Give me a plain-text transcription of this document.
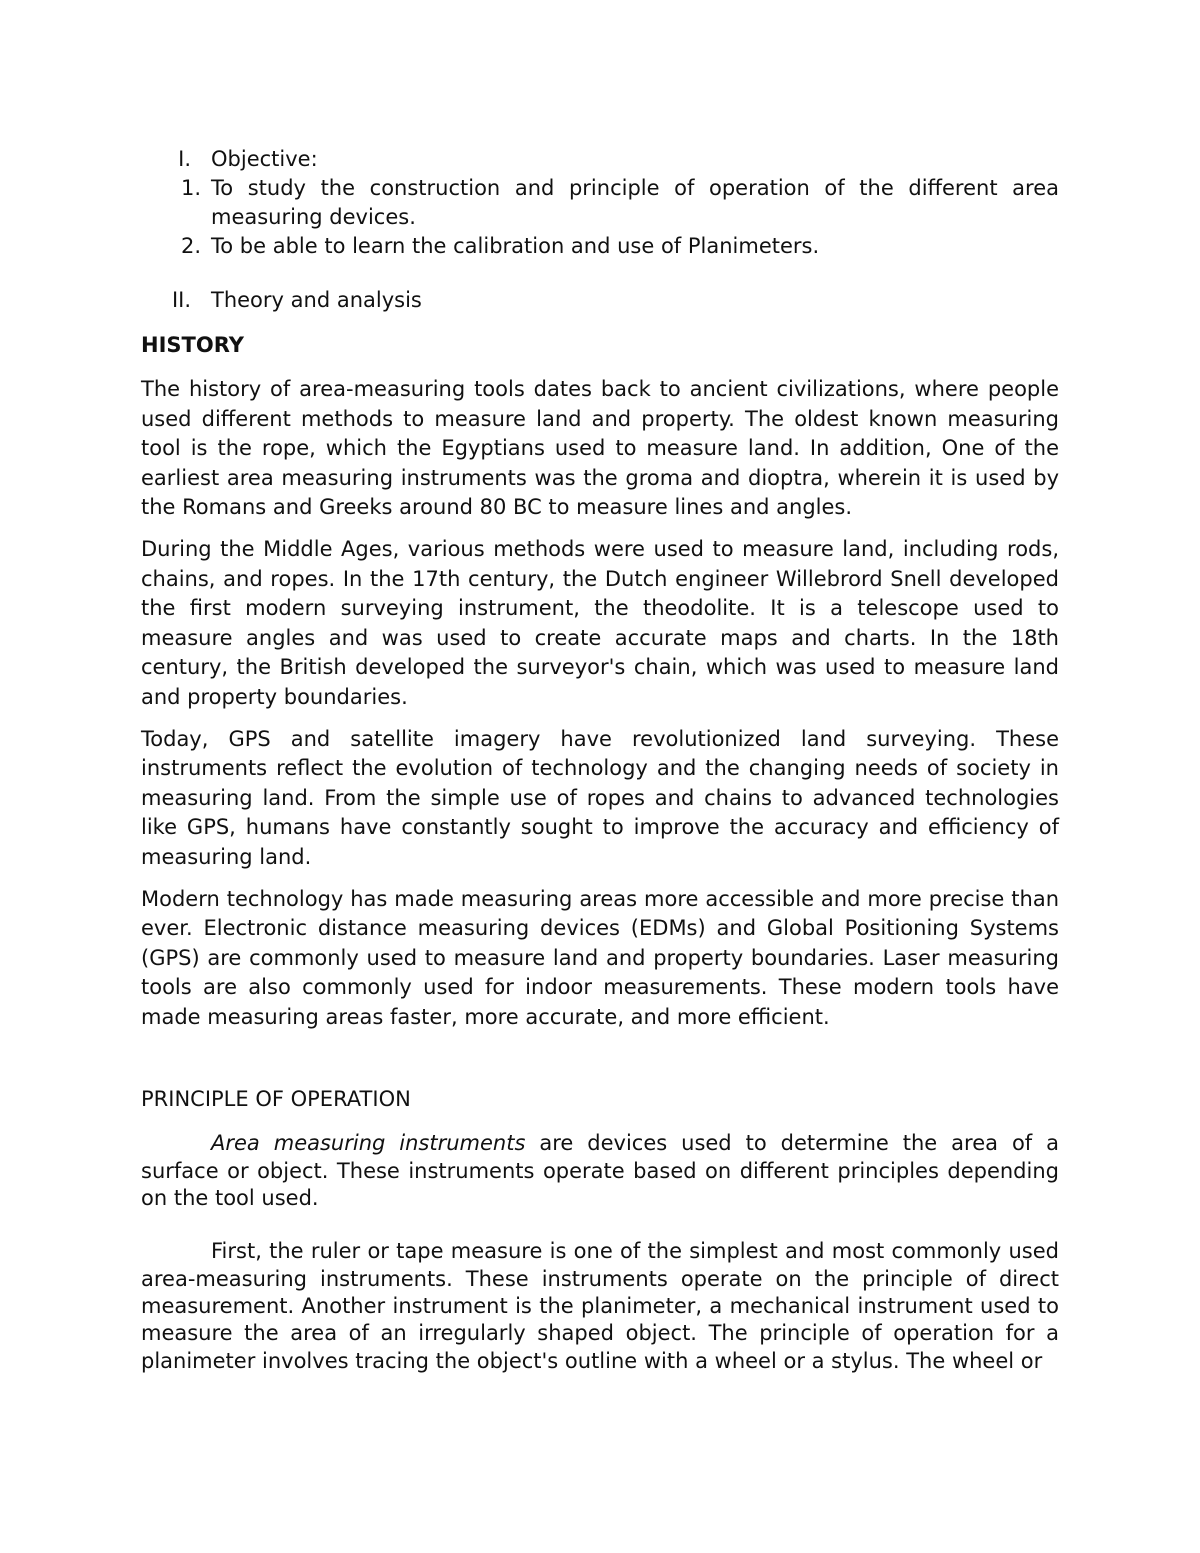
I. Objective:
1. To study the construction and principle of operation of the different area measuring devices.
2. To be able to learn the calibration and use of Planimeters.
II. Theory and analysis
HISTORY

The history of area-measuring tools dates back to ancient civilizations, where people used different methods to measure land and property. The oldest known measuring tool is the rope, which the Egyptians used to measure land. In addition, One of the earliest area measuring instruments was the groma and dioptra, wherein it is used by the Romans and Greeks around 80 BC to measure lines and angles.

During the Middle Ages, various methods were used to measure land, including rods, chains, and ropes. In the 17th century, the Dutch engineer Willebrord Snell developed the first modern surveying instrument, the theodolite. It is a telescope used to measure angles and was used to create accurate maps and charts. In the 18th century, the British developed the surveyor's chain, which was used to measure land and property boundaries.

Today, GPS and satellite imagery have revolutionized land surveying. These instruments reflect the evolution of technology and the changing needs of society in measuring land. From the simple use of ropes and chains to advanced technologies like GPS, humans have constantly sought to improve the accuracy and efficiency of measuring land.

Modern technology has made measuring areas more accessible and more precise than ever. Electronic distance measuring devices (EDMs) and Global Positioning Systems (GPS) are commonly used to measure land and property boundaries. Laser measuring tools are also commonly used for indoor measurements. These modern tools have made measuring areas faster, more accurate, and more efficient.

PRINCIPLE OF OPERATION

Area measuring instruments are devices used to determine the area of a surface or object. These instruments operate based on different principles depending on the tool used.

First, the ruler or tape measure is one of the simplest and most commonly used area-measuring instruments. These instruments operate on the principle of direct measurement. Another instrument is the planimeter, a mechanical instrument used to measure the area of an irregularly shaped object. The principle of operation for a planimeter involves tracing the object's outline with a wheel or a stylus. The wheel or
